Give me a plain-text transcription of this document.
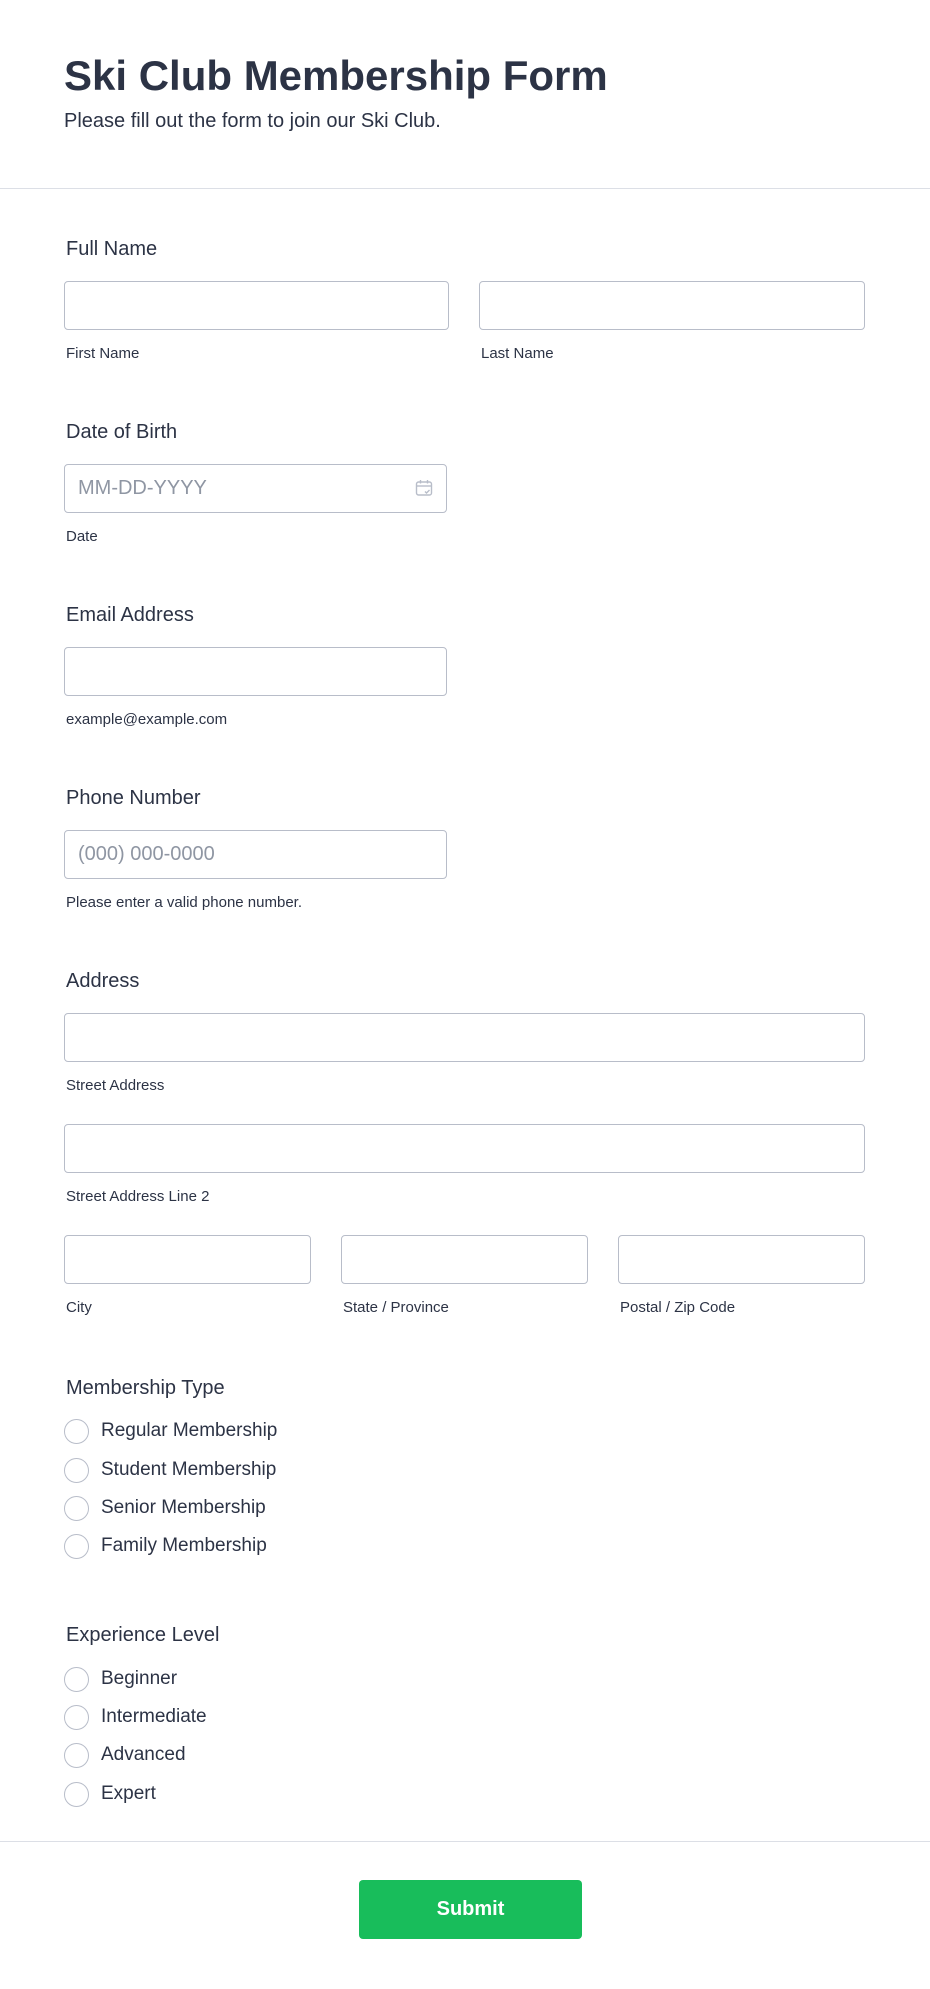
Ski Club Membership Form
Please fill out the form to join our Ski Club.
Full Name
First Name	Last Name
Date of Birth
MM-DD-YYYY
Date
Email Address
example@example.com
Phone Number
(000) 000-0000
Please enter a valid phone number.
Address
Street Address
Street Address Line 2
City	State / Province	Postal / Zip Code
Membership Type
Regular Membership
Student Membership
Senior Membership
Family Membership
Experience Level
Beginner
Intermediate
Advanced
Expert
Submit
